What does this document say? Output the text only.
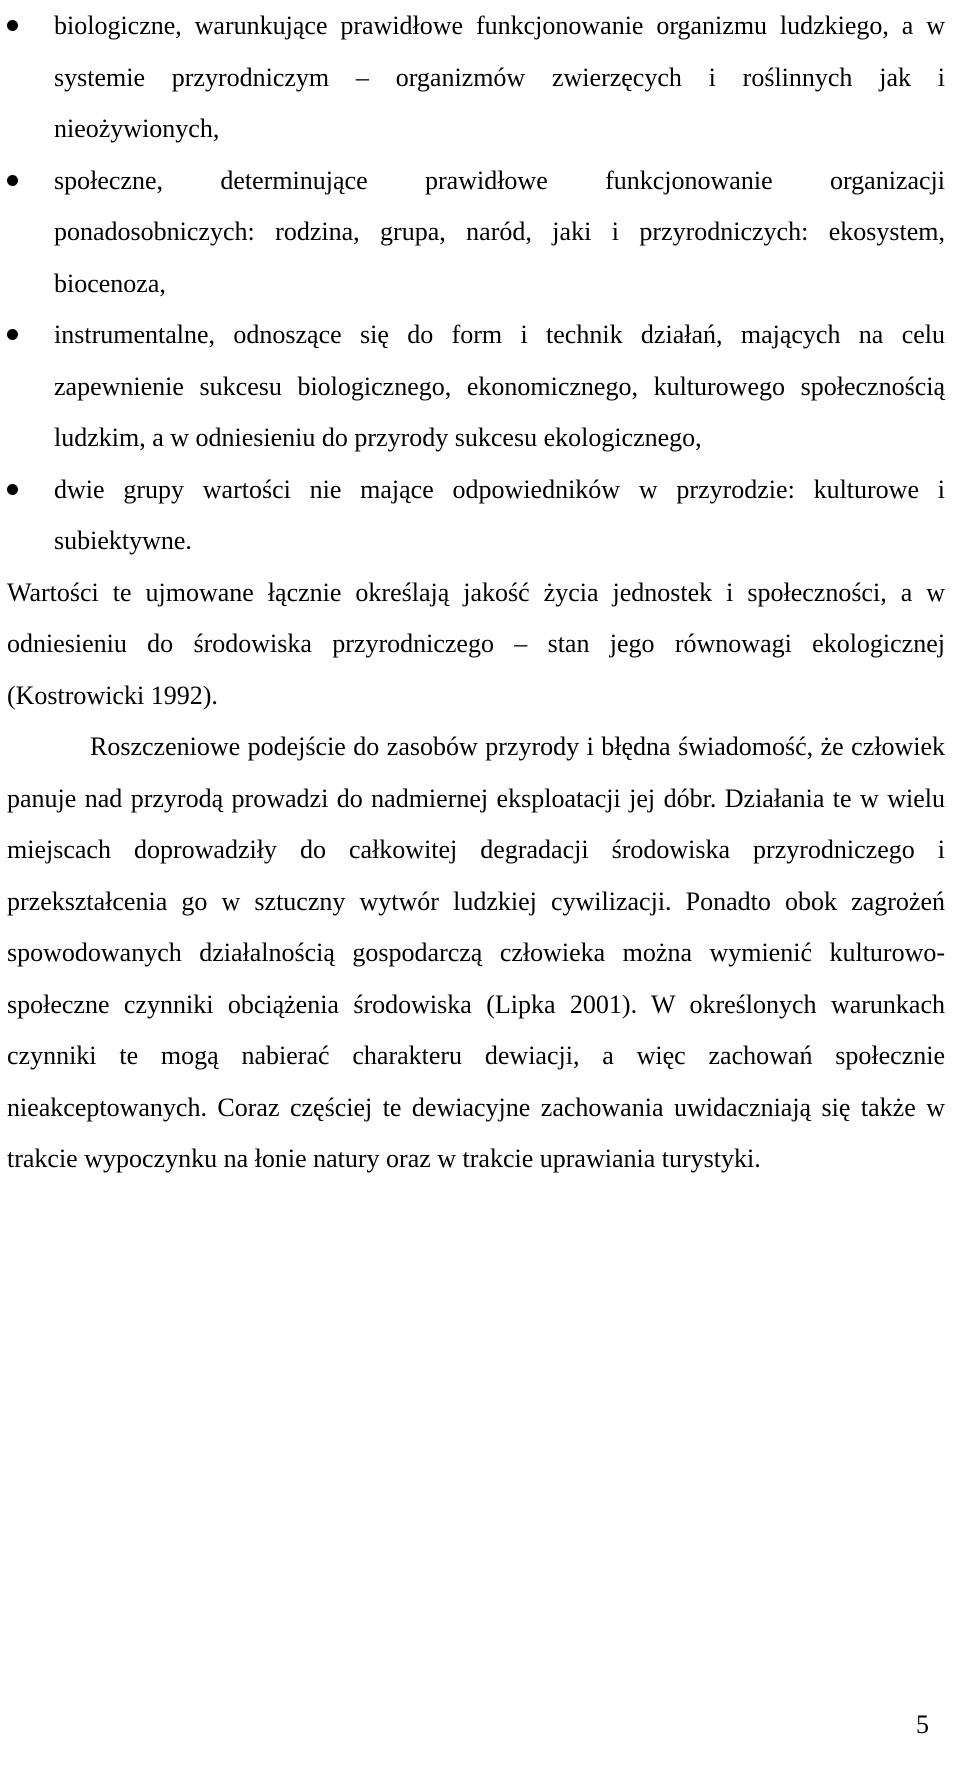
biologiczne, warunkujące prawidłowe funkcjonowanie organizmu ludzkiego, a w systemie przyrodniczym – organizmów zwierzęcych i roślinnych jak i nieożywionych,
społeczne, determinujące prawidłowe funkcjonowanie organizacji ponadosobniczych: rodzina, grupa, naród, jaki i przyrodniczych: ekosystem, biocenoza,
instrumentalne, odnoszące się do form i technik działań, mających na celu zapewnienie sukcesu biologicznego, ekonomicznego, kulturowego społecznością ludzkim, a w odniesieniu do przyrody sukcesu ekologicznego,
dwie grupy wartości nie mające odpowiedników w przyrodzie: kulturowe i subiektywne.

Wartości te ujmowane łącznie określają jakość życia jednostek i społeczności, a w odniesieniu do środowiska przyrodniczego – stan jego równowagi ekologicznej (Kostrowicki 1992).

Roszczeniowe podejście do zasobów przyrody i błędna świadomość, że człowiek panuje nad przyrodą prowadzi do nadmiernej eksploatacji jej dóbr. Działania te w wielu miejscach doprowadziły do całkowitej degradacji środowiska przyrodniczego i przekształcenia go w sztuczny wytwór ludzkiej cywilizacji. Ponadto obok zagrożeń spowodowanych działalnością gospodarczą człowieka można wymienić kulturowo-społeczne czynniki obciążenia środowiska (Lipka 2001). W określonych warunkach czynniki te mogą nabierać charakteru dewiacji, a więc zachowań społecznie nieakceptowanych. Coraz częściej te dewiacyjne zachowania uwidaczniają się także w trakcie wypoczynku na łonie natury oraz w trakcie uprawiania turystyki.

5
